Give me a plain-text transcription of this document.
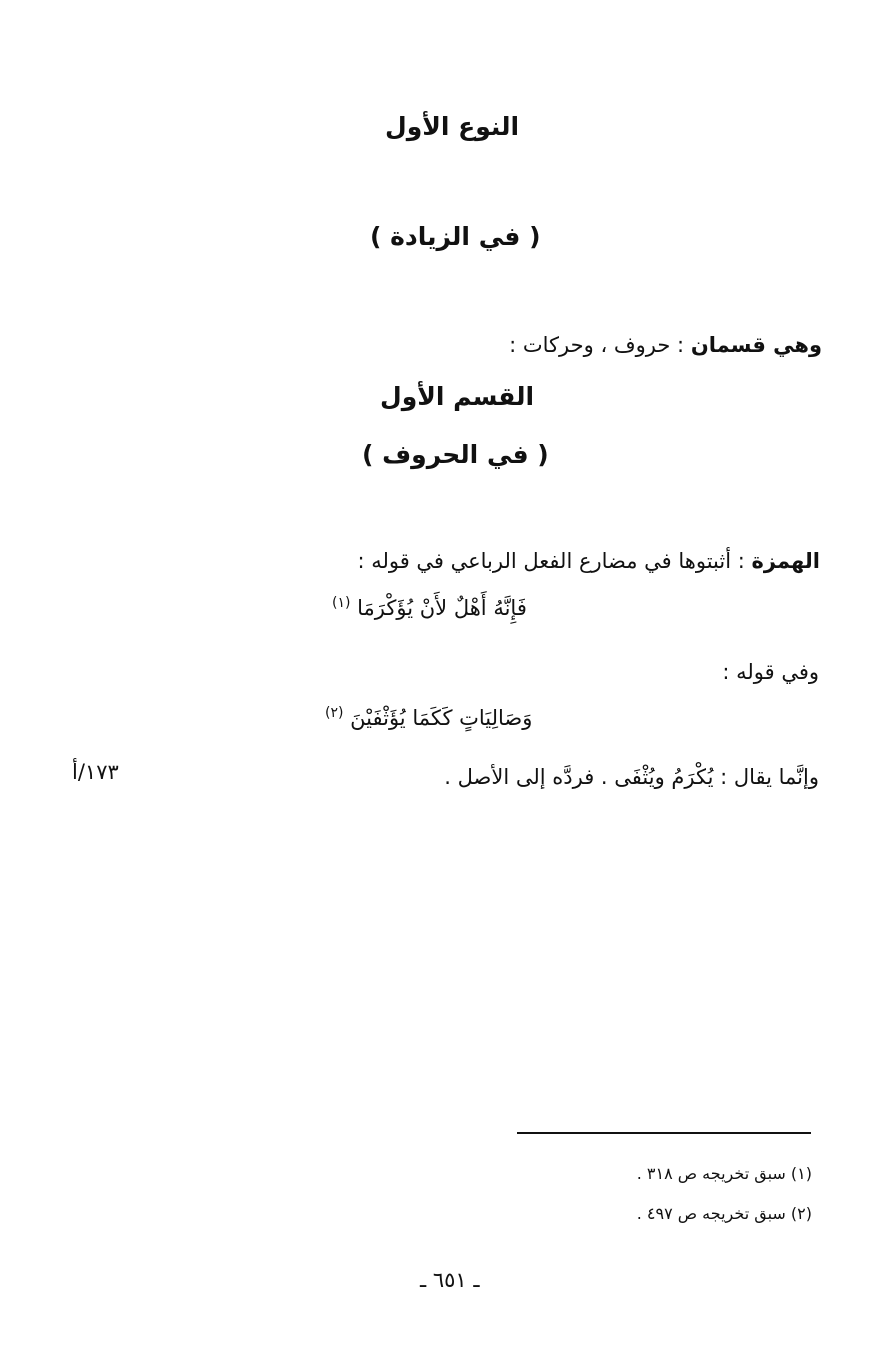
النوع الأول
( في الزيادة )
وهي قسمان : حروف ، وحركات :
القسم الأول
( في الحروف )
الهمزة : أثبتوها في مضارع الفعل الرباعي في قوله :
فَإِنَّهُ أَهْلٌ لأَنْ يُؤَكْرَمَا $^{(١)}$
وفي قوله :
وَصَالِيَاتٍ كَكَمَا يُؤَثْفَيْنَ $^{(٢)}$
١٧٣/أ	وإنَّما يقال : يُكْرَمُ ويُثْفَى . فردَّه إلى الأصل .
(١) سبق تخريجه ص ٣١٨ .
(٢) سبق تخريجه ص ٤٩٧ .
ـ ٦٥١ ـ
